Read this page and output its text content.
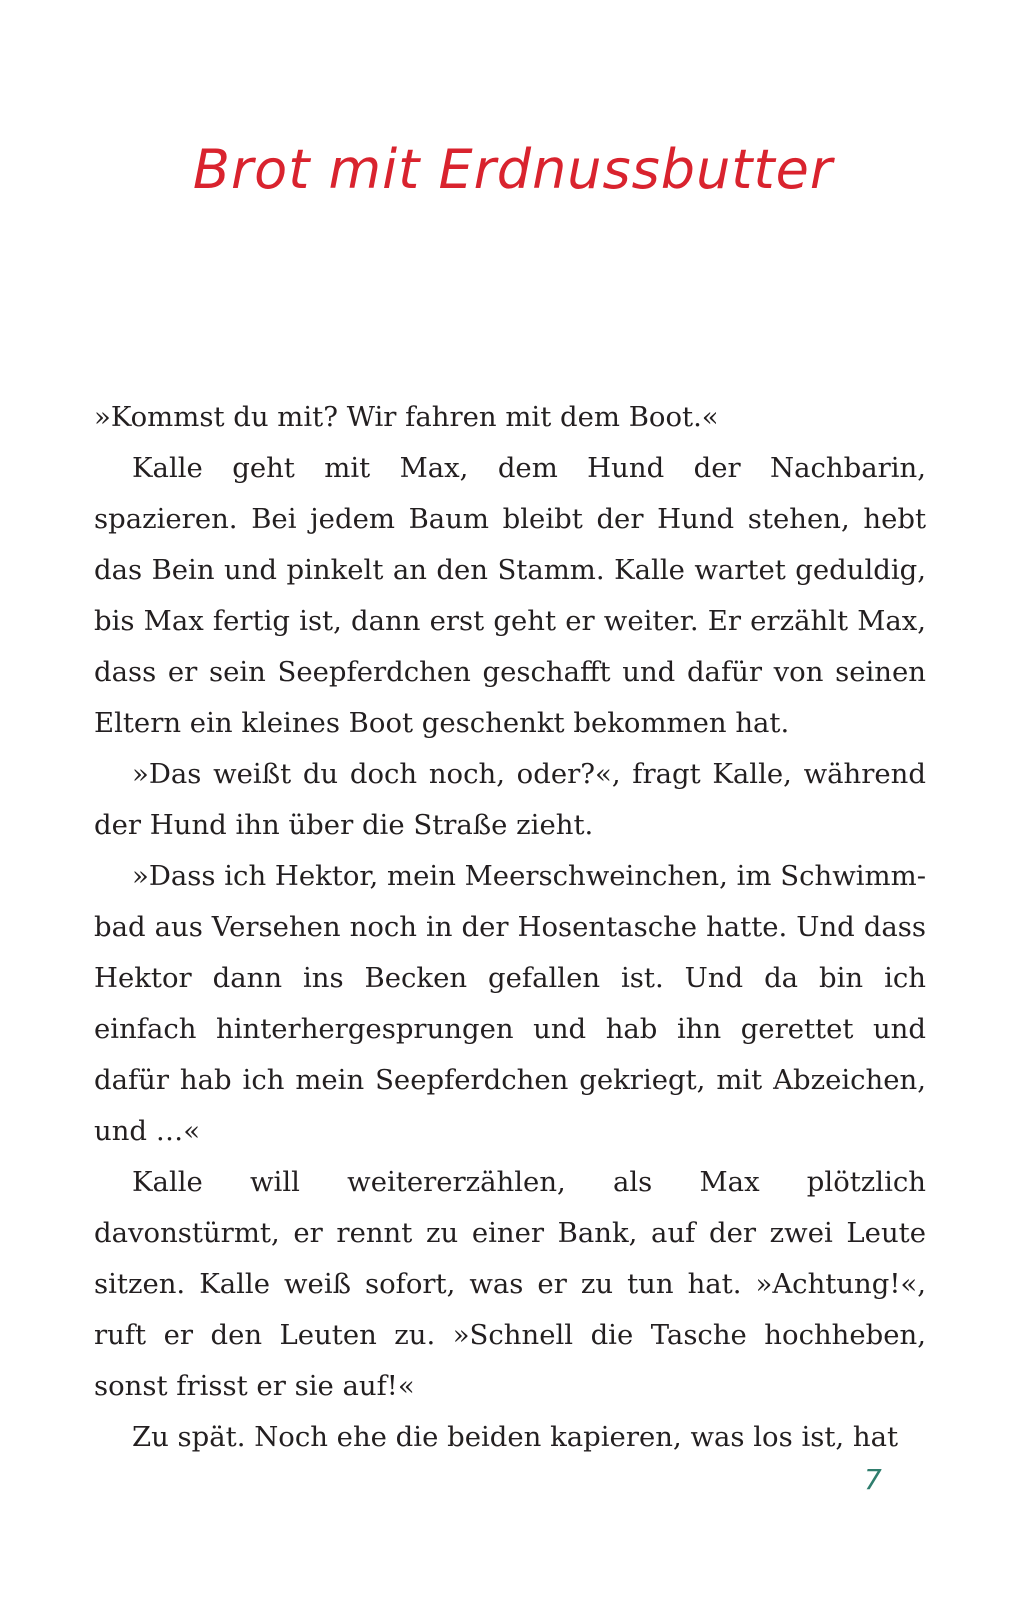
Brot mit Erdnussbutter

»Kommst du mit? Wir fahren mit dem Boot.«

Kalle geht mit Max, dem Hund der Nachbarin, spazieren. Bei jedem Baum bleibt der Hund stehen, hebt das Bein und pinkelt an den Stamm. Kalle wartet geduldig, bis Max fertig ist, dann erst geht er weiter. Er erzählt Max, dass er sein Seepferdchen geschafft und dafür von seinen Eltern ein kleines Boot geschenkt bekommen hat.

»Das weißt du doch noch, oder?«, fragt Kalle, während der Hund ihn über die Straße zieht.

»Dass ich Hektor, mein Meerschweinchen, im Schwimmbad aus Versehen noch in der Hosentasche hatte. Und dass Hektor dann ins Becken gefallen ist. Und da bin ich einfach hinterhergesprungen und hab ihn gerettet und dafür hab ich mein Seepferdchen gekriegt, mit Abzeichen, und …«

Kalle will weitererzählen, als Max plötzlich davonstürmt, er rennt zu einer Bank, auf der zwei Leute sitzen. Kalle weiß sofort, was er zu tun hat. »Achtung!«, ruft er den Leuten zu. »Schnell die Tasche hochheben, sonst frisst er sie auf!«

Zu spät. Noch ehe die beiden kapieren, was los ist, hat

7
